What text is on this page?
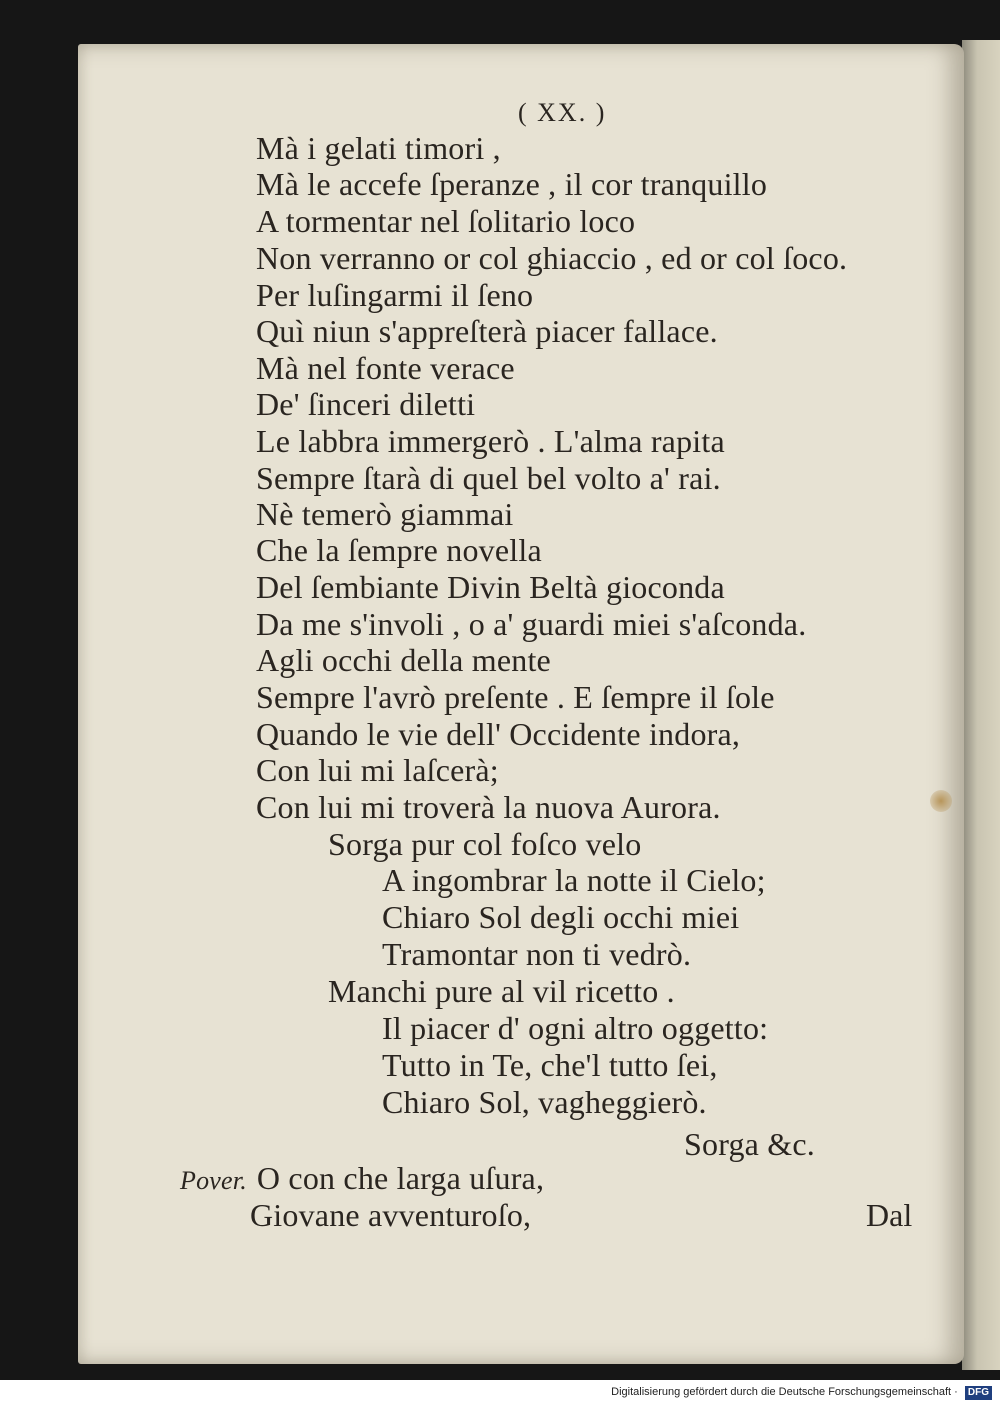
( XX. )

Mà i gelati timori ,

Mà le accefe ſperanze , il cor tranquillo

A tormentar nel ſolitario loco

Non verranno or col ghiaccio , ed or col ſoco.

Per luſingarmi il ſeno

Quì niun s'appreſterà piacer fallace.

Mà nel fonte verace

De' ſinceri diletti

Le labbra immergerò . L'alma rapita

Sempre ſtarà di quel bel volto a' rai.

Nè temerò giammai

Che la ſempre novella

Del ſembiante Divin Beltà gioconda

Da me s'involi , o a' guardi miei s'aſconda.

Agli occhi della mente

Sempre l'avrò preſente . E ſempre il ſole

Quando le vie dell' Occidente indora,

Con lui mi laſcerà;

Con lui mi troverà la nuova Aurora.

Sorga pur col foſco velo

A ingombrar la notte il Cielo;

Chiaro Sol degli occhi miei

Tramontar non ti vedrò.

Manchi pure al vil ricetto .

Il piacer d' ogni altro oggetto:

Tutto in Te, che'l tutto ſei,

Chiaro Sol, vagheggierò.

Sorga &c.

Pover. O con che larga uſura,

Giovane avventuroſo,	Dal
Digitalisierung gefördert durch die Deutsche Forschungsgemeinschaft · DFG
